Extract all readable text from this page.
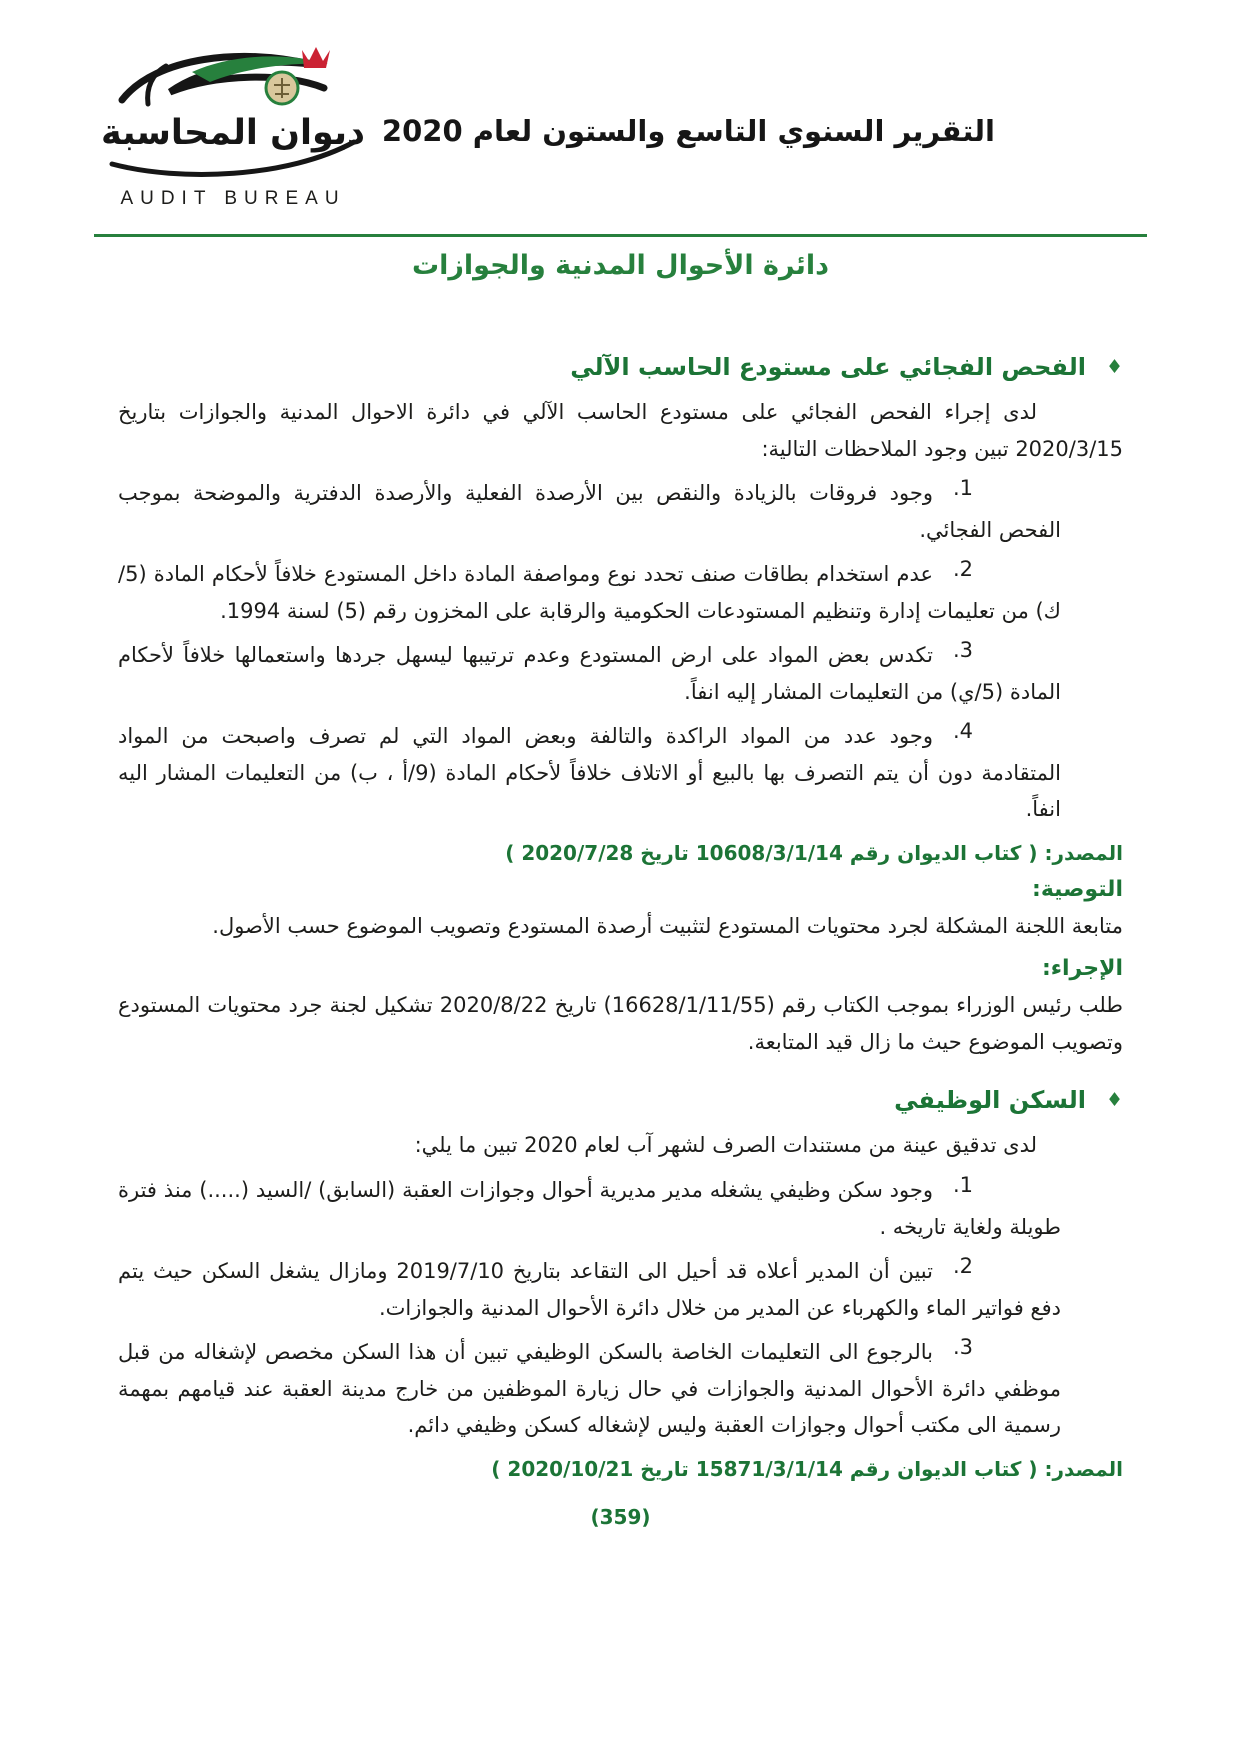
التقرير السنوي التاسع والستون لعام 2020
ديوان المحاسبة
AUDIT BUREAU
دائرة الأحوال المدنية والجوازات
♦
الفحص الفجائي على مستودع الحاسب الآلي

لدى إجراء الفحص الفجائي على مستودع الحاسب الآلي في دائرة الاحوال المدنية والجوازات بتاريخ 2020/3/15 تبين وجود الملاحظات التالية:

1.
وجود فروقات بالزيادة والنقص بين الأرصدة الفعلية والأرصدة الدفترية والموضحة بموجب الفحص الفجائي.
2.
عدم استخدام بطاقات صنف تحدد نوع ومواصفة المادة داخل المستودع خلافاً لأحكام المادة (5/ك) من تعليمات إدارة وتنظيم المستودعات الحكومية والرقابة على المخزون رقم (5) لسنة 1994.
3.
تكدس بعض المواد على ارض المستودع وعدم ترتيبها ليسهل جردها واستعمالها خلافاً لأحكام المادة (5/ي) من التعليمات المشار إليه انفاً.
4.
وجود عدد من المواد الراكدة والتالفة وبعض المواد التي لم تصرف واصبحت من المواد المتقادمة دون أن يتم التصرف بها بالبيع أو الاتلاف خلافاً لأحكام المادة (9/أ ، ب) من التعليمات المشار اليه انفاً.

المصدر: ( كتاب الديوان رقم 10608/3/1/14 تاريخ 2020/7/28 )

التوصية:

متابعة اللجنة المشكلة لجرد محتويات المستودع لتثبيت أرصدة المستودع وتصويب الموضوع حسب الأصول.

الإجراء:

طلب رئيس الوزراء بموجب الكتاب رقم (16628/1/11/55) تاريخ 2020/8/22 تشكيل لجنة جرد محتويات المستودع وتصويب الموضوع حيث ما زال قيد المتابعة.

♦
السكن الوظيفي

لدى تدقيق عينة من مستندات الصرف لشهر آب لعام 2020 تبين ما يلي:

1.
وجود سكن وظيفي يشغله مدير مديرية أحوال وجوازات العقبة (السابق) /السيد (.....) منذ فترة طويلة ولغاية تاريخه .
2.
تبين أن المدير أعلاه قد أحيل الى التقاعد بتاريخ 2019/7/10 ومازال يشغل السكن حيث يتم دفع فواتير الماء والكهرباء عن المدير من خلال دائرة الأحوال المدنية والجوازات.
3.
بالرجوع الى التعليمات الخاصة بالسكن الوظيفي تبين أن هذا السكن مخصص لإشغاله من قبل موظفي دائرة الأحوال المدنية والجوازات في حال زيارة الموظفين من خارج مدينة العقبة عند قيامهم بمهمة رسمية الى مكتب أحوال وجوازات العقبة وليس لإشغاله كسكن وظيفي دائم.

المصدر: ( كتاب الديوان رقم 15871/3/1/14 تاريخ 2020/10/21 )

(359)
